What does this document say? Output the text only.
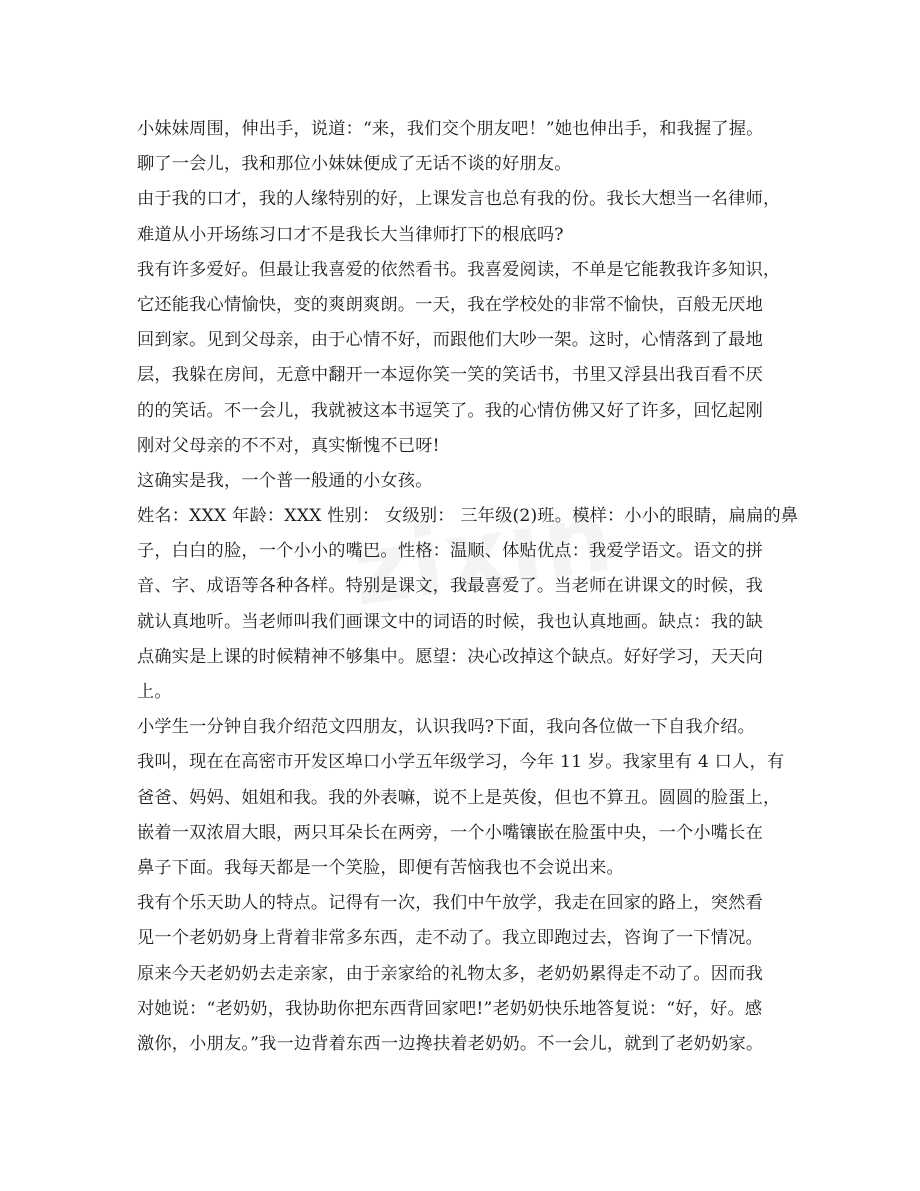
小妹妹周围，伸出手，说道：“来，我们交个朋友吧！”她也伸出手，和我握了握。
聊了一会儿，我和那位小妹妹便成了无话不谈的好朋友。
由于我的口才，我的人缘特别的好，上课发言也总有我的份。我长大想当一名律师，
难道从小开场练习口才不是我长大当律师打下的根底吗?
我有许多爱好。但最让我喜爱的依然看书。我喜爱阅读，不单是它能教我许多知识，
它还能我心情愉快，变的爽朗爽朗。一天，我在学校处的非常不愉快，百般无厌地
回到家。见到父母亲，由于心情不好，而跟他们大吵一架。这时，心情落到了最地
层，我躲在房间，无意中翻开一本逗你笑一笑的笑话书，书里又浮县出我百看不厌
的的笑话。不一会儿，我就被这本书逗笑了。我的心情仿佛又好了许多，回忆起刚
刚对父母亲的不不对，真实惭愧不已呀!
这确实是我，一个普一般通的小女孩。
姓名：XXX 年龄：XXX 性别： 女级别： 三年级(2)班。模样：小小的眼睛，扁扁的鼻
子，白白的脸，一个小小的嘴巴。性格：温顺、体贴优点：我爱学语文。语文的拼
音、字、成语等各种各样。特别是课文，我最喜爱了。当老师在讲课文的时候，我
就认真地听。当老师叫我们画课文中的词语的时候，我也认真地画。缺点：我的缺
点确实是上课的时候精神不够集中。愿望：决心改掉这个缺点。好好学习，天天向
上。
小学生一分钟自我介绍范文四朋友，认识我吗?下面，我向各位做一下自我介绍。
我叫，现在在高密市开发区埠口小学五年级学习，今年 11 岁。我家里有 4 口人，有
爸爸、妈妈、姐姐和我。我的外表嘛，说不上是英俊，但也不算丑。圆圆的脸蛋上，
嵌着一双浓眉大眼，两只耳朵长在两旁，一个小嘴镶嵌在脸蛋中央，一个小嘴长在
鼻子下面。我每天都是一个笑脸，即便有苦恼我也不会说出来。
我有个乐天助人的特点。记得有一次，我们中午放学，我走在回家的路上，突然看
见一个老奶奶身上背着非常多东西，走不动了。我立即跑过去，咨询了一下情况。
原来今天老奶奶去走亲家，由于亲家给的礼物太多，老奶奶累得走不动了。因而我
对她说：“老奶奶，我协助你把东西背回家吧!”老奶奶快乐地答复说：“好，好。感
激你，小朋友。”我一边背着东西一边搀扶着老奶奶。不一会儿，就到了老奶奶家。
